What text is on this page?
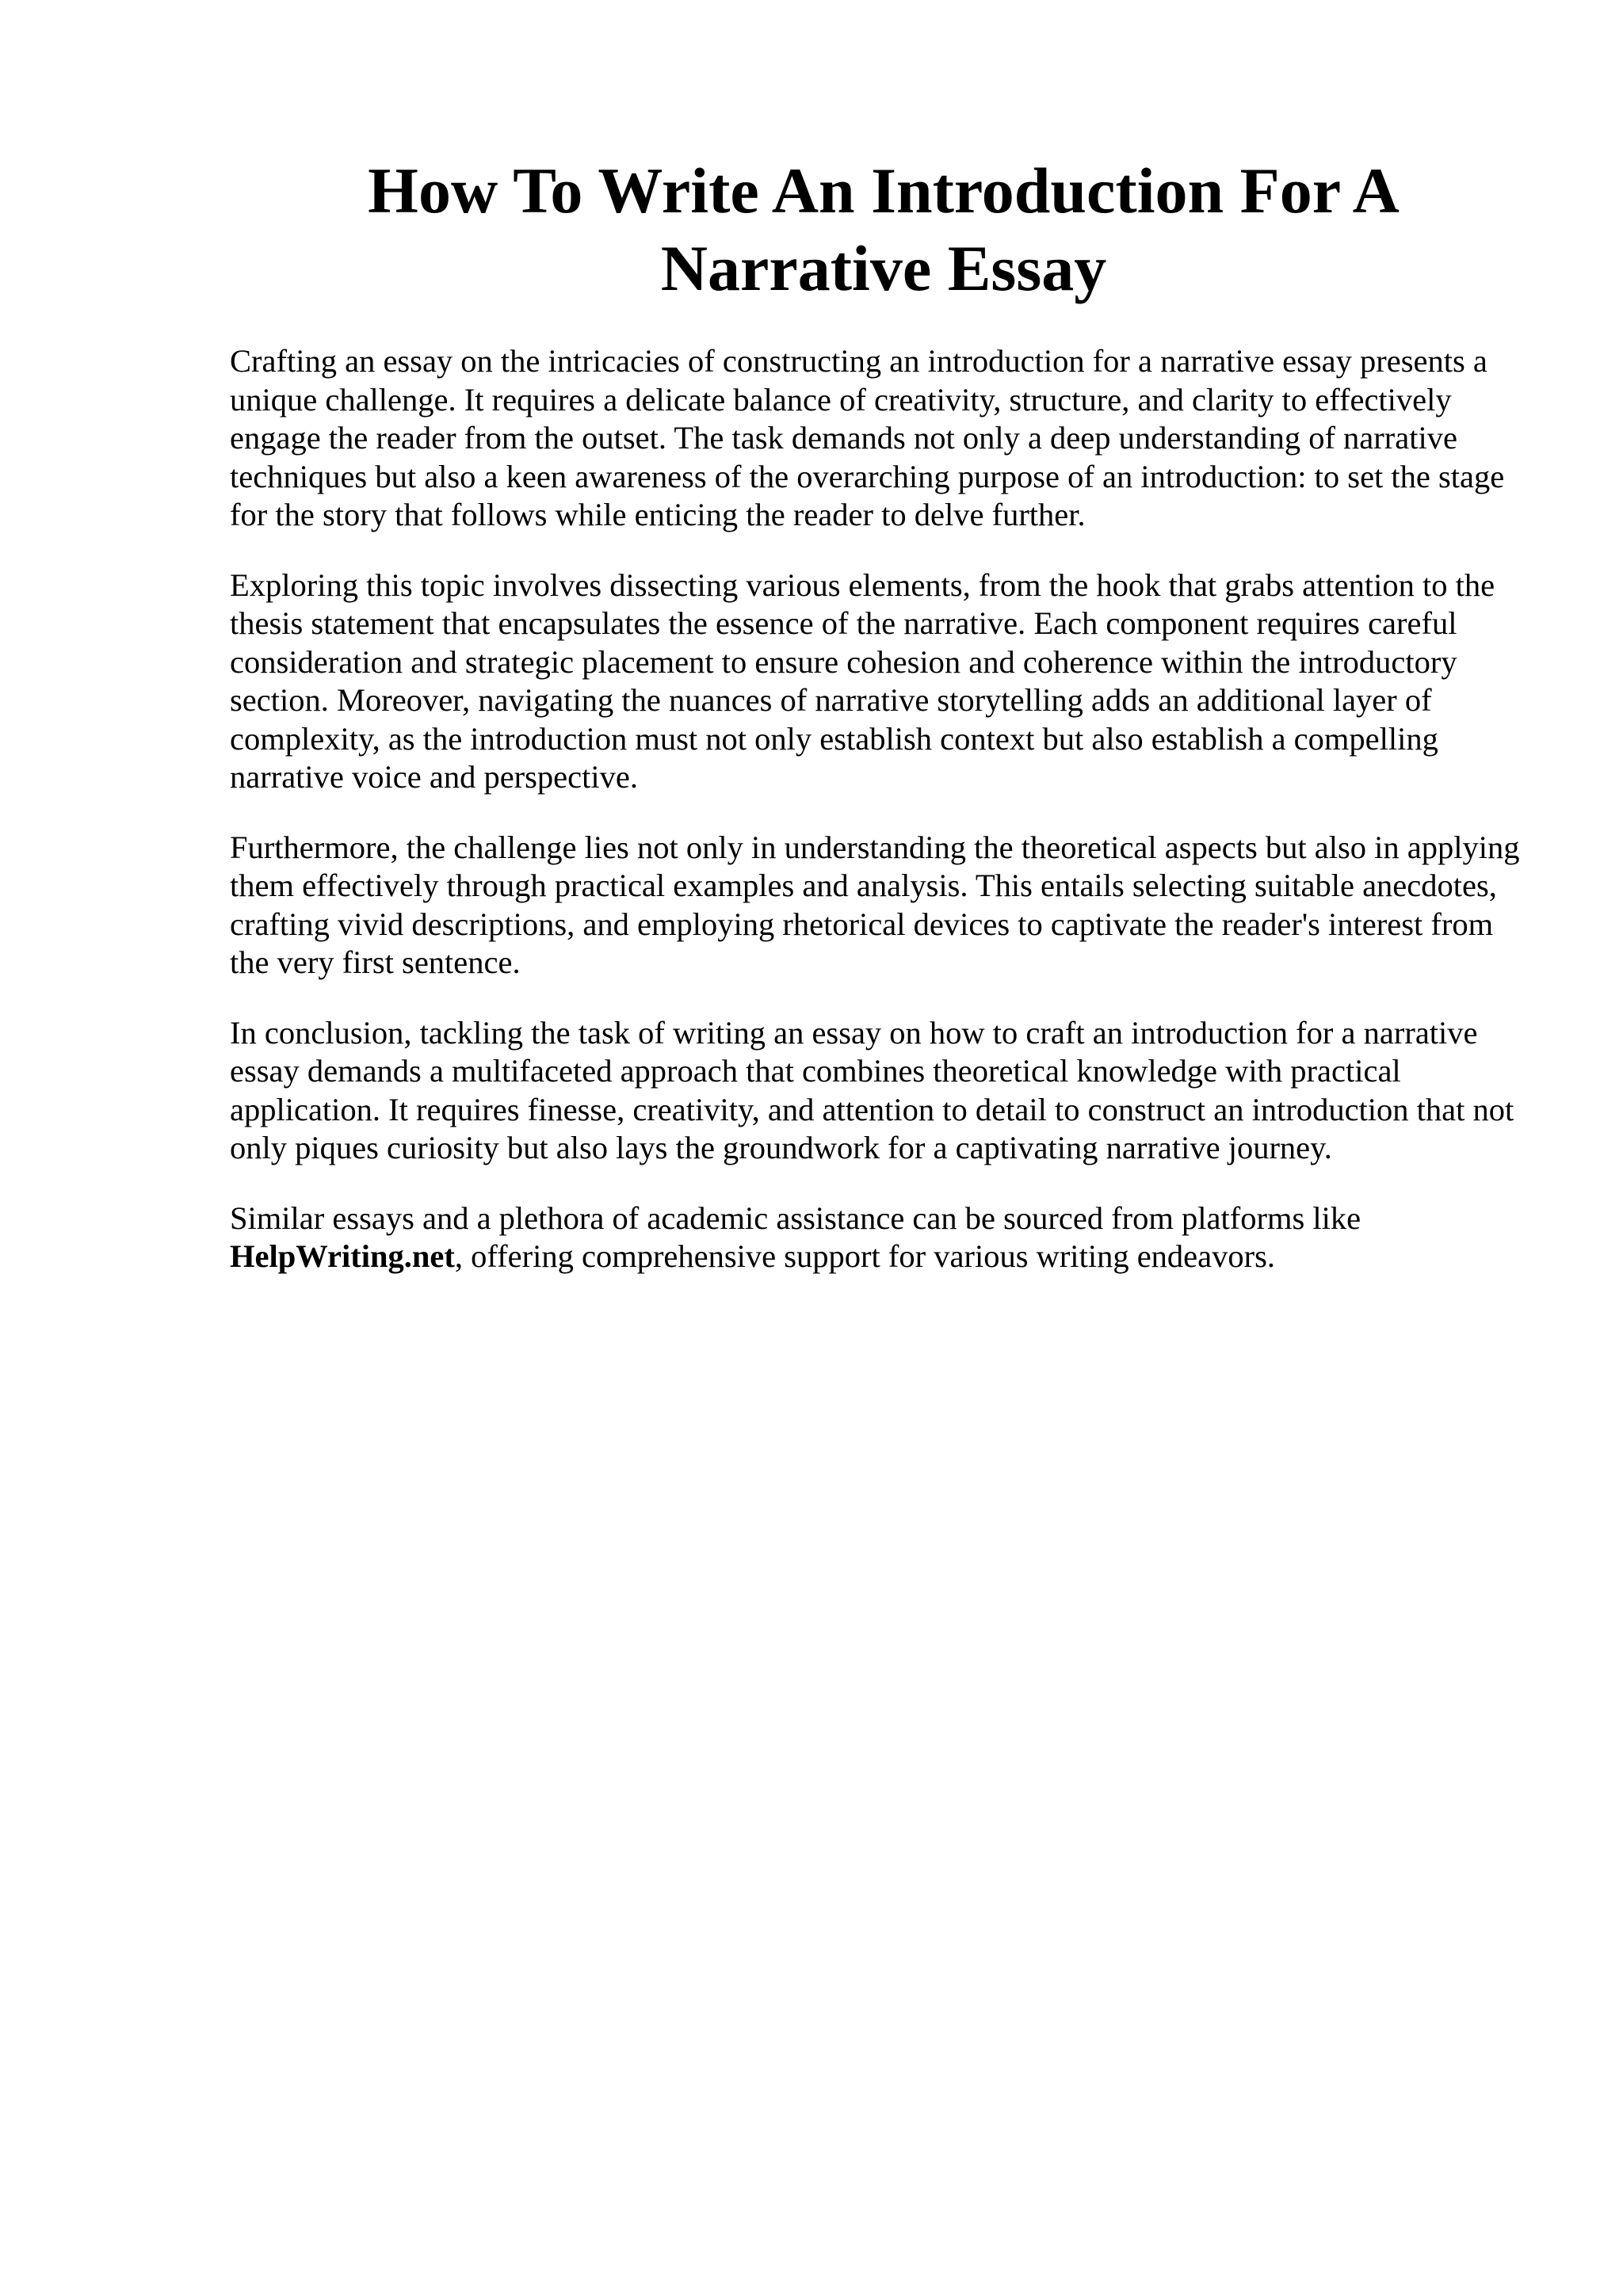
How To Write An Introduction For A Narrative Essay

Crafting an essay on the intricacies of constructing an introduction for a narrative essay presents a unique challenge. It requires a delicate balance of creativity, structure, and clarity to effectively engage the reader from the outset. The task demands not only a deep understanding of narrative techniques but also a keen awareness of the overarching purpose of an introduction: to set the stage for the story that follows while enticing the reader to delve further.

Exploring this topic involves dissecting various elements, from the hook that grabs attention to the thesis statement that encapsulates the essence of the narrative. Each component requires careful consideration and strategic placement to ensure cohesion and coherence within the introductory section. Moreover, navigating the nuances of narrative storytelling adds an additional layer of complexity, as the introduction must not only establish context but also establish a compelling narrative voice and perspective.

Furthermore, the challenge lies not only in understanding the theoretical aspects but also in applying them effectively through practical examples and analysis. This entails selecting suitable anecdotes, crafting vivid descriptions, and employing rhetorical devices to captivate the reader's interest from the very first sentence.

In conclusion, tackling the task of writing an essay on how to craft an introduction for a narrative essay demands a multifaceted approach that combines theoretical knowledge with practical application. It requires finesse, creativity, and attention to detail to construct an introduction that not only piques curiosity but also lays the groundwork for a captivating narrative journey.

Similar essays and a plethora of academic assistance can be sourced from platforms like HelpWriting.net, offering comprehensive support for various writing endeavors.
